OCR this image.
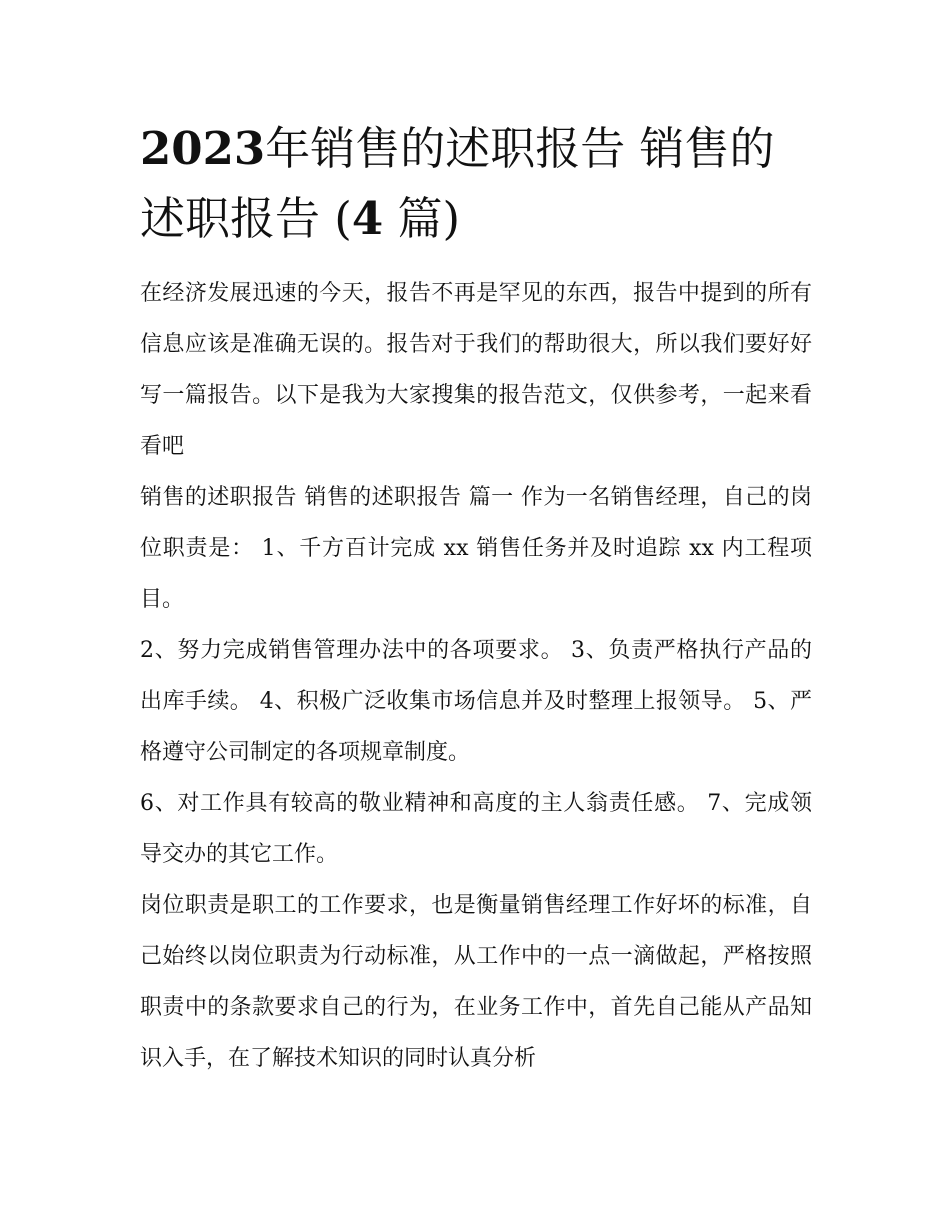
2023年销售的述职报告 销售的述职报告 (4 篇)

在经济发展迅速的今天，报告不再是罕见的东西，报告中提到的所有信息应该是准确无误的。报告对于我们的帮助很大，所以我们要好好写一篇报告。以下是我为大家搜集的报告范文，仅供参考，一起来看看吧

销售的述职报告 销售的述职报告 篇一 作为一名销售经理，自己的岗位职责是： 1、千方百计完成 xx 销售任务并及时追踪 xx 内工程项目。

2、努力完成销售管理办法中的各项要求。 3、负责严格执行产品的出库手续。 4、积极广泛收集市场信息并及时整理上报领导。 5、严格遵守公司制定的各项规章制度。

6、对工作具有较高的敬业精神和高度的主人翁责任感。 7、完成领导交办的其它工作。

岗位职责是职工的工作要求，也是衡量销售经理工作好坏的标准，自己始终以岗位职责为行动标准，从工作中的一点一滴做起，严格按照职责中的条款要求自己的行为，在业务工作中，首先自己能从产品知识入手，在了解技术知识的同时认真分析
